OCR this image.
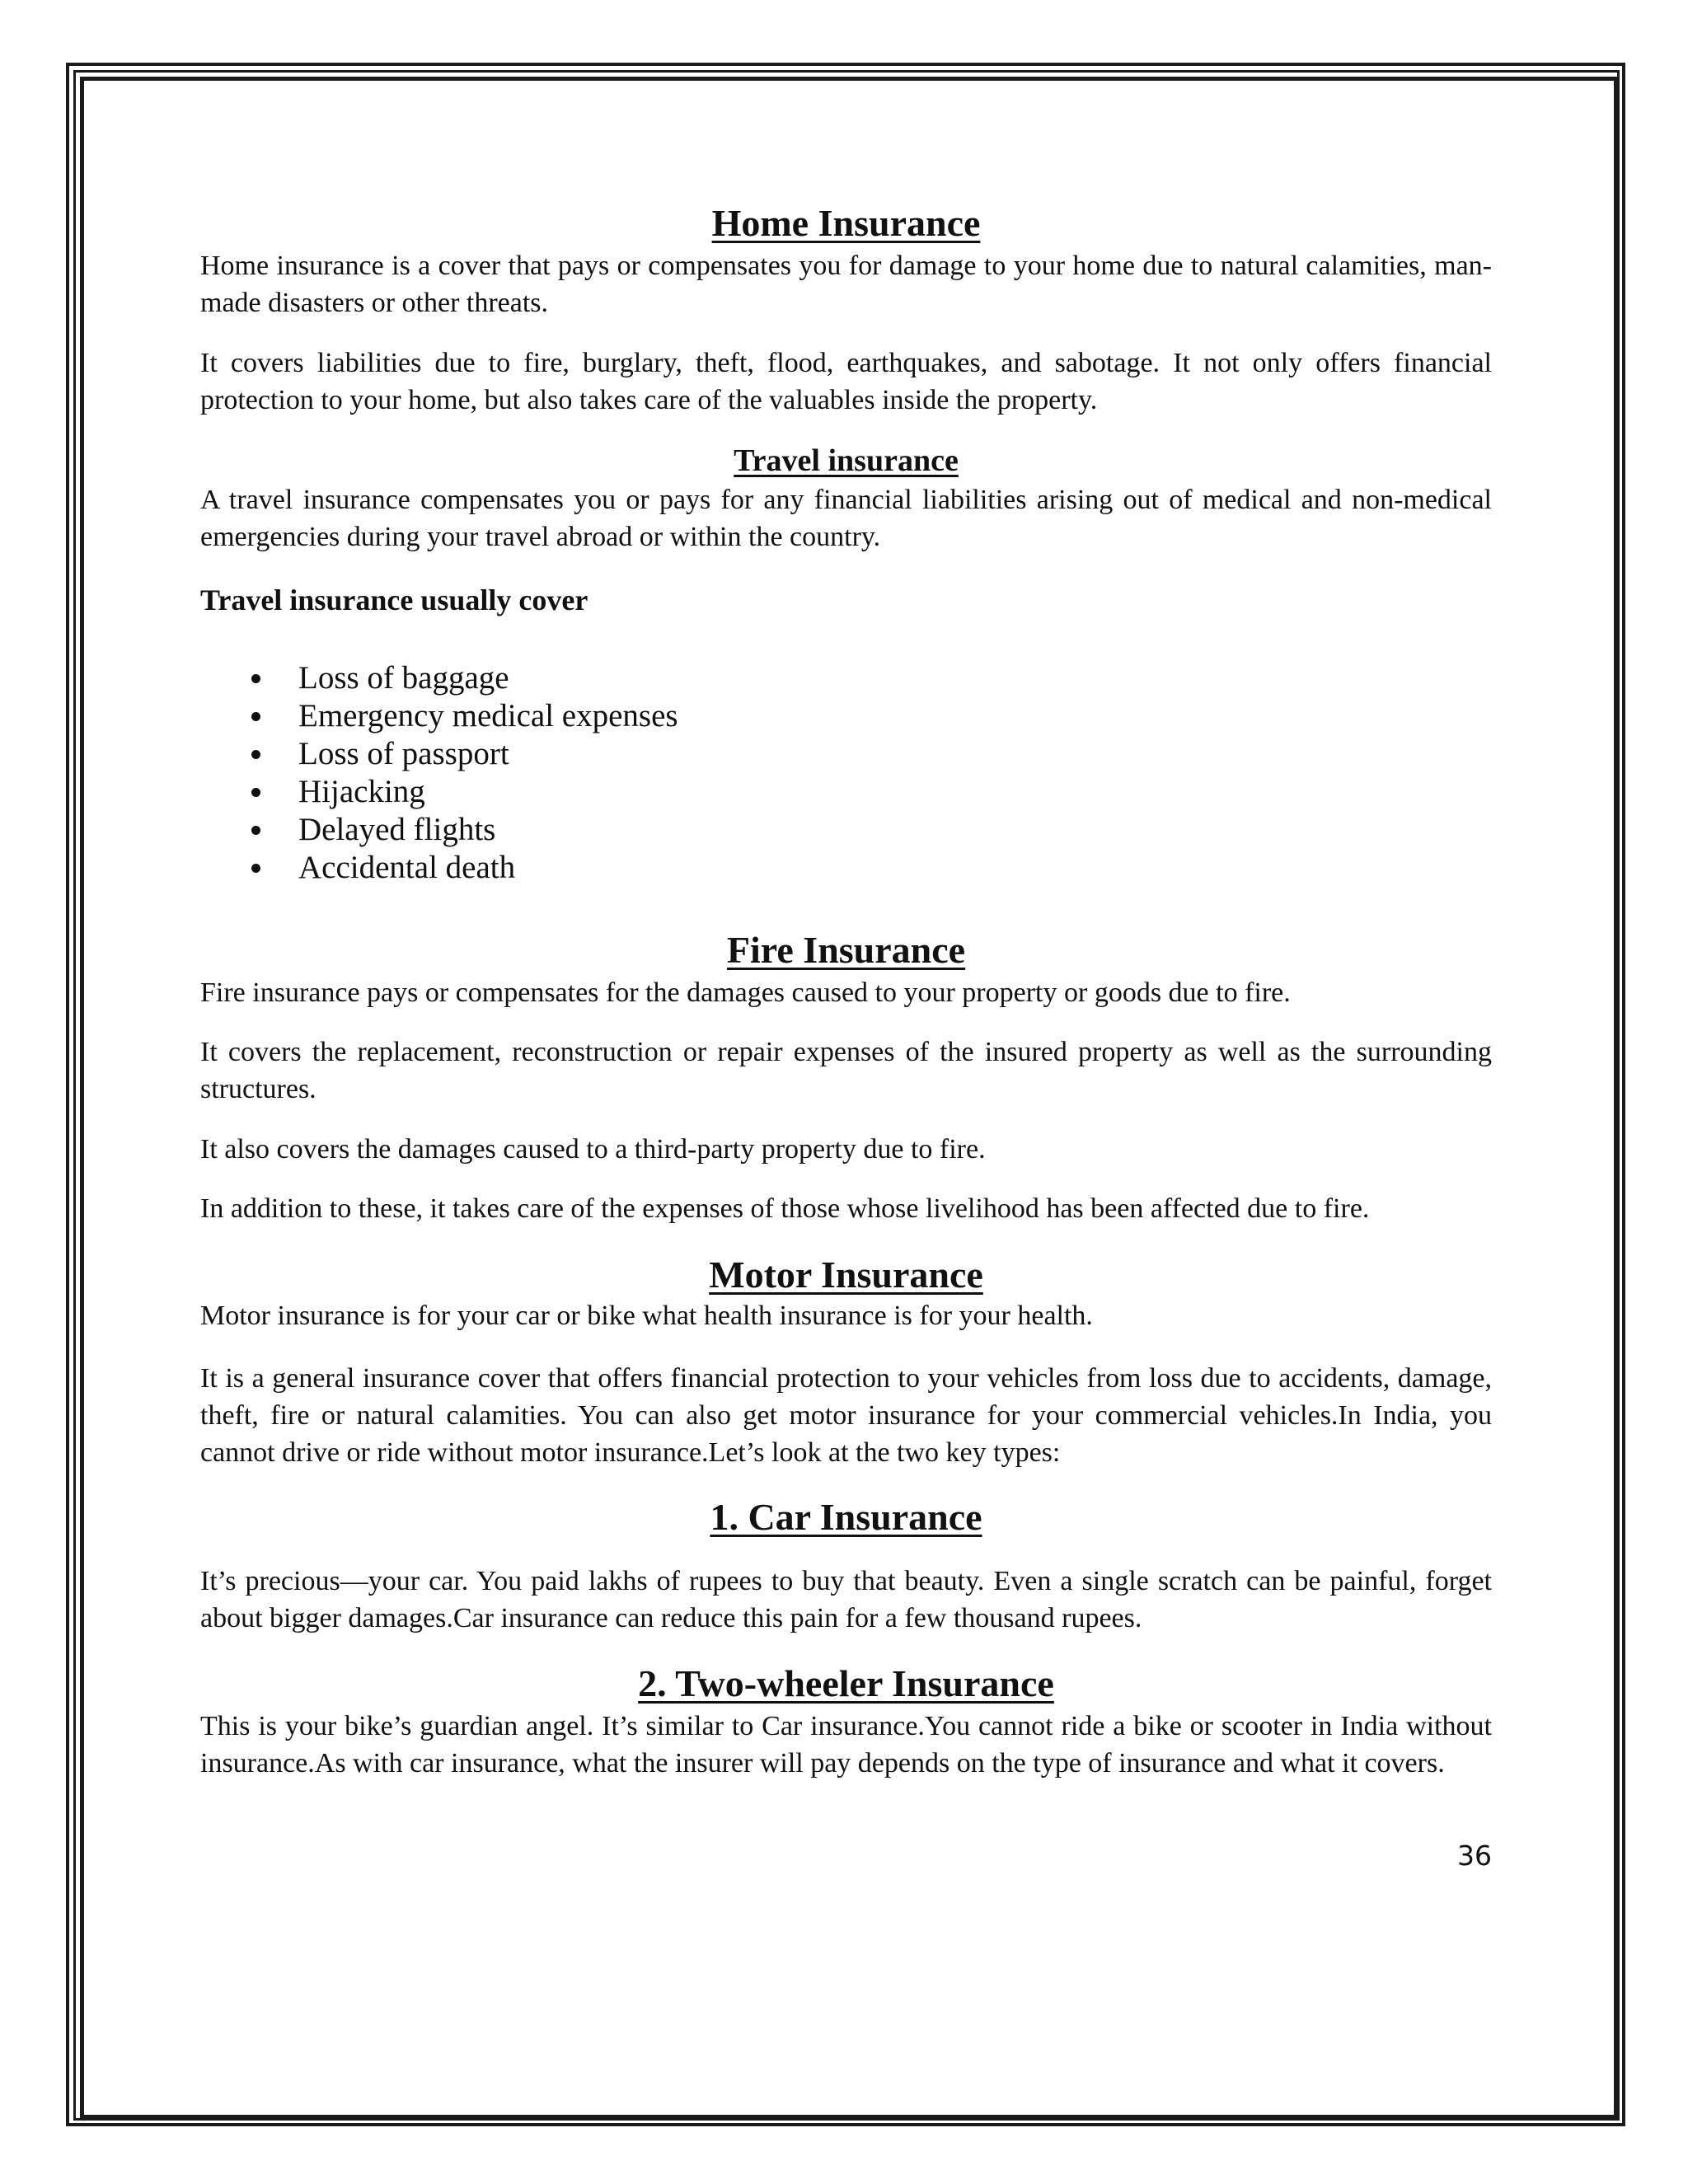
Home Insurance

Home insurance is a cover that pays or compensates you for damage to your home due to natural calamities, man-made disasters or other threats.

It covers liabilities due to fire, burglary, theft, flood, earthquakes, and sabotage. It not only offers financial protection to your home, but also takes care of the valuables inside the property.

Travel insurance

A travel insurance compensates you or pays for any financial liabilities arising out of medical and non-medical emergencies during your travel abroad or within the country.

Travel insurance usually cover

Loss of baggage
Emergency medical expenses
Loss of passport
Hijacking
Delayed flights
Accidental death
Fire Insurance

Fire insurance pays or compensates for the damages caused to your property or goods due to fire.

It covers the replacement, reconstruction or repair expenses of the insured property as well as the surrounding structures.

It also covers the damages caused to a third-party property due to fire.

In addition to these, it takes care of the expenses of those whose livelihood has been affected due to fire.

Motor Insurance

Motor insurance is for your car or bike what health insurance is for your health.

It is a general insurance cover that offers financial protection to your vehicles from loss due to accidents, damage, theft, fire or natural calamities. You can also get motor insurance for your commercial vehicles.In India, you cannot drive or ride without motor insurance.Let’s look at the two key types:

1. Car Insurance

It’s precious—your car. You paid lakhs of rupees to buy that beauty. Even a single scratch can be painful, forget about bigger damages.Car insurance can reduce this pain for a few thousand rupees.

2. Two-wheeler Insurance

This is your bike’s guardian angel. It’s similar to Car insurance.You cannot ride a bike or scooter in India without insurance.As with car insurance, what the insurer will pay depends on the type of insurance and what it covers.

36
